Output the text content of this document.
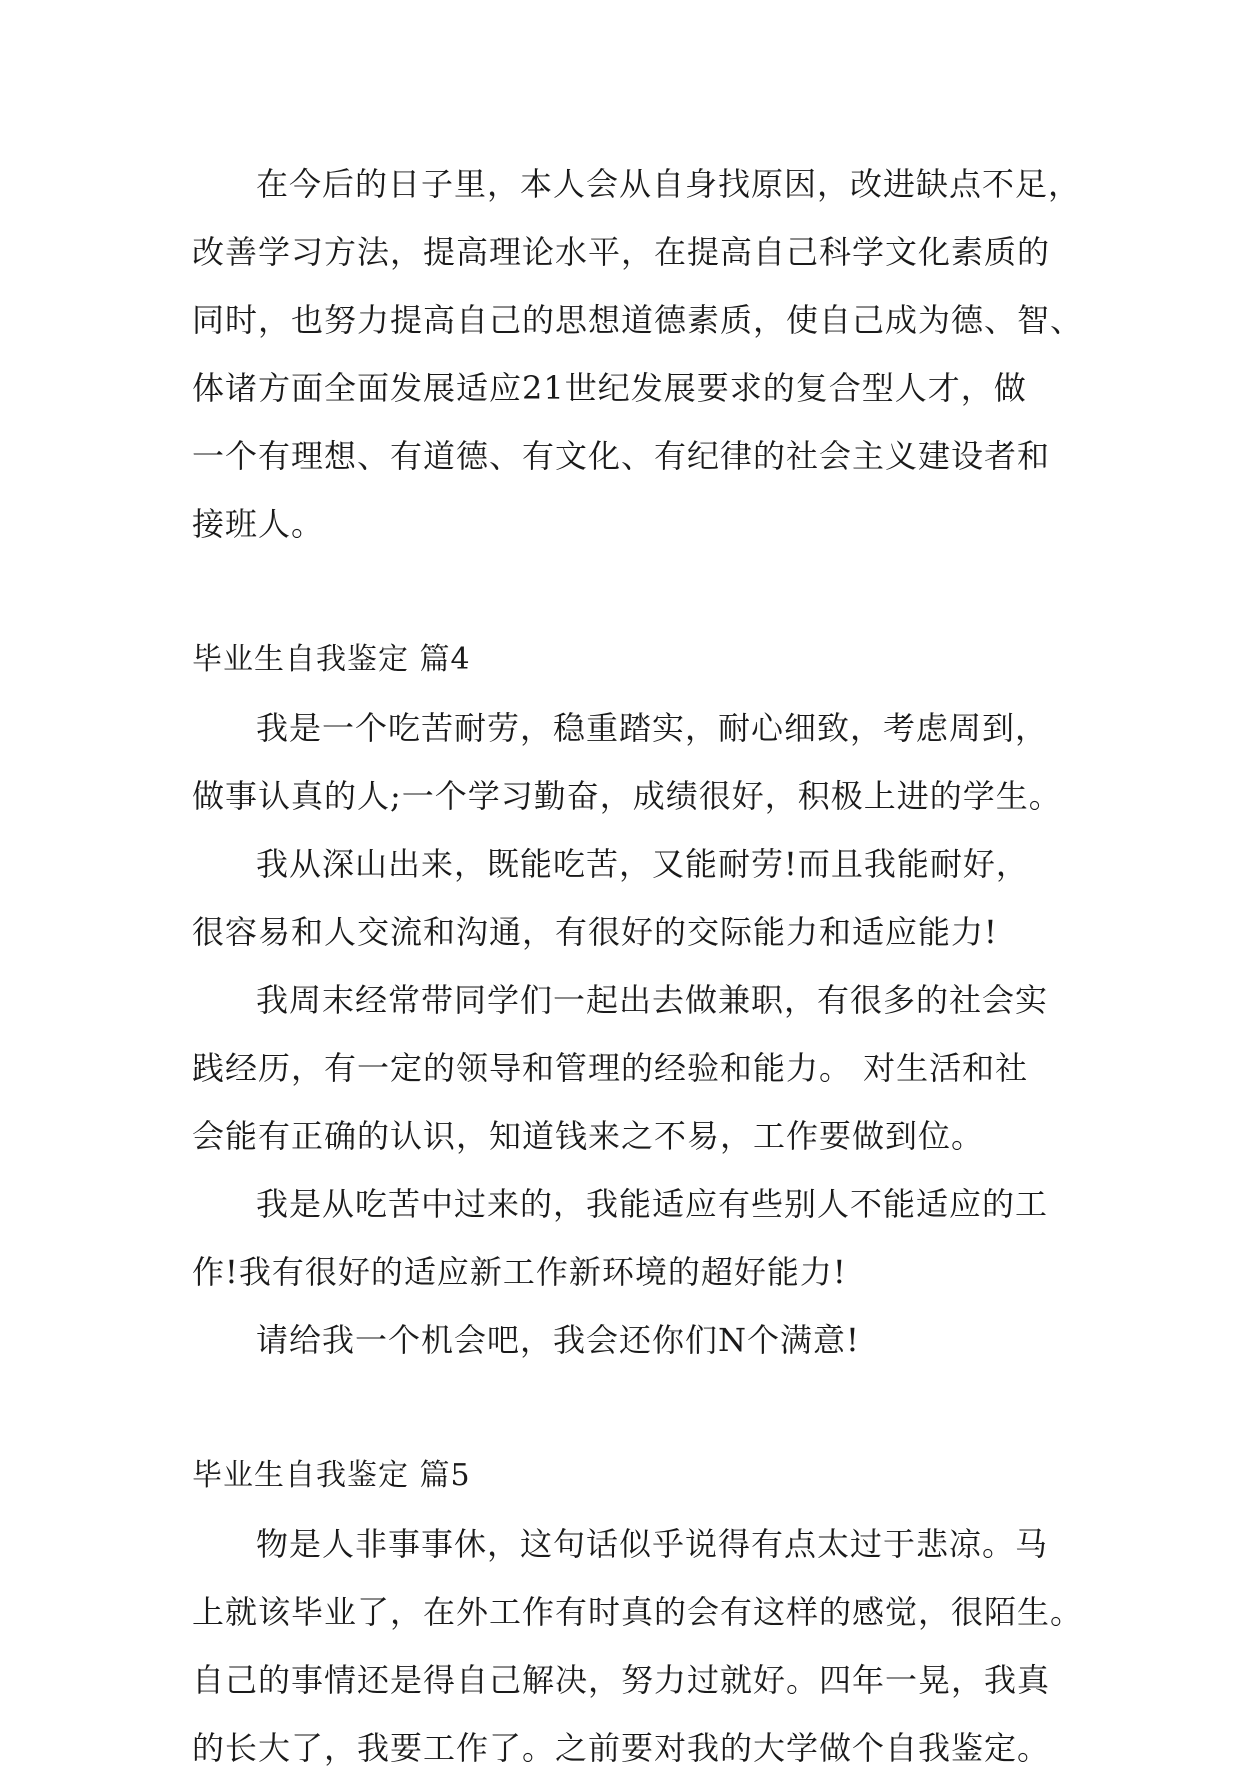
在今后的日子里，本人会从自身找原因，改进缺点不足，
改善学习方法，提高理论水平，在提高自己科学文化素质的
同时，也努力提高自己的思想道德素质，使自己成为德、智、
体诸方面全面发展适应21世纪发展要求的复合型人才，做
一个有理想、有道德、有文化、有纪律的社会主义建设者和
接班人。
毕业生自我鉴定 篇4
我是一个吃苦耐劳，稳重踏实，耐心细致，考虑周到，
做事认真的人;一个学习勤奋，成绩很好，积极上进的学生。
我从深山出来，既能吃苦，又能耐劳!而且我能耐好，
很容易和人交流和沟通，有很好的交际能力和适应能力!
我周末经常带同学们一起出去做兼职，有很多的社会实
践经历，有一定的领导和管理的经验和能力。 对生活和社
会能有正确的认识，知道钱来之不易，工作要做到位。
我是从吃苦中过来的，我能适应有些别人不能适应的工
作!我有很好的适应新工作新环境的超好能力!
请给我一个机会吧，我会还你们N个满意!
毕业生自我鉴定 篇5
物是人非事事休，这句话似乎说得有点太过于悲凉。马
上就该毕业了，在外工作有时真的会有这样的感觉，很陌生。
自己的事情还是得自己解决，努力过就好。四年一晃，我真
的长大了，我要工作了。之前要对我的大学做个自我鉴定。
